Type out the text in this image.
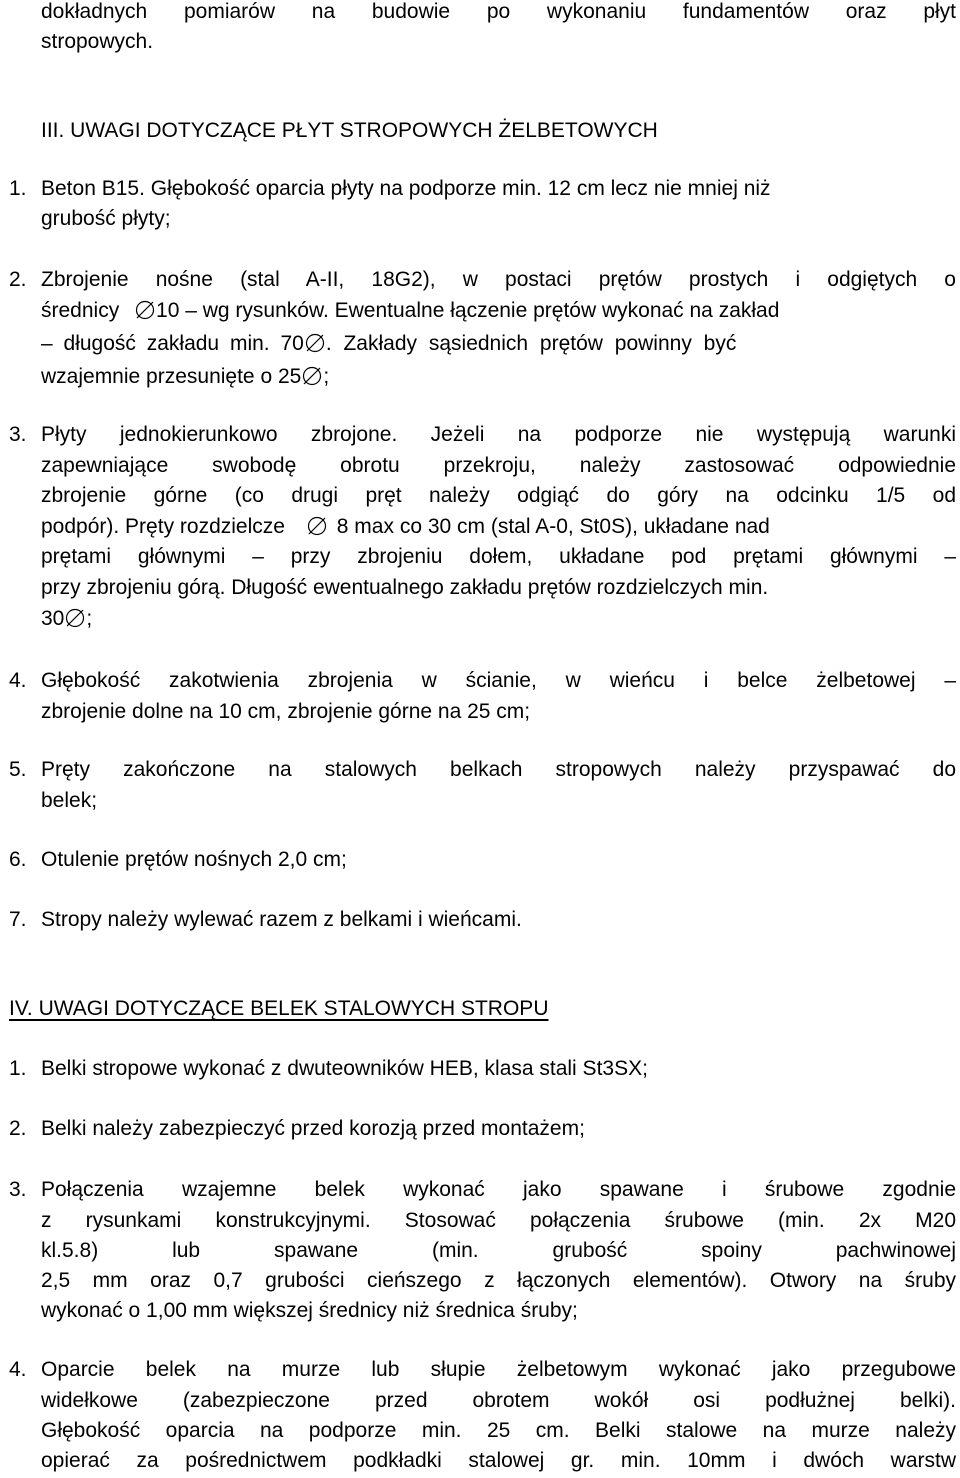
dokładnych pomiarów na budowie po wykonaniu fundamentów oraz płyt
stropowych.
III. UWAGI DOTYCZĄCE PŁYT STROPOWYCH ŻELBETOWYCH
1. Beton B15. Głębokość oparcia płyty na podporze min. 12 cm lecz nie mniej niż
grubość płyty;
2. Zbrojenie nośne (stal A-II, 18G2), w postaci prętów prostych i odgiętych o
średnicy 10 – wg rysunków. Ewentualne łączenie prętów wykonać na zakład
– długość zakładu min. 70 . Zakłady sąsiednich prętów powinny być
wzajemnie przesunięte o 25 ;
3. Płyty jednokierunkowo zbrojone. Jeżeli na podporze nie występują warunki
zapewniające swobodę obrotu przekroju, należy zastosować odpowiednie
zbrojenie górne (co drugi pręt należy odgiąć do góry na odcinku 1/5 od
podpór). Pręty rozdzielcze 8 max co 30 cm (stal A-0, St0S), układane nad
prętami głównymi – przy zbrojeniu dołem, układane pod prętami głównymi –
przy zbrojeniu górą. Długość ewentualnego zakładu prętów rozdzielczych min.
30 ;
4. Głębokość zakotwienia zbrojenia w ścianie, w wieńcu i belce żelbetowej –
zbrojenie dolne na 10 cm, zbrojenie górne na 25 cm;
5. Pręty zakończone na stalowych belkach stropowych należy przyspawać do
belek;
6. Otulenie prętów nośnych 2,0 cm;
7. Stropy należy wylewać razem z belkami i wieńcami.
IV. UWAGI DOTYCZĄCE BELEK STALOWYCH STROPU
1. Belki stropowe wykonać z dwuteowników HEB, klasa stali St3SX;
2. Belki należy zabezpieczyć przed korozją przed montażem;
3. Połączenia wzajemne belek wykonać jako spawane i śrubowe zgodnie
z rysunkami konstrukcyjnymi. Stosować połączenia śrubowe (min. 2x M20
kl.5.8) lub spawane (min. grubość spoiny pachwinowej
2,5 mm oraz 0,7 grubości cieńszego z łączonych elementów). Otwory na śruby
wykonać o 1,00 mm większej średnicy niż średnica śruby;
4. Oparcie belek na murze lub słupie żelbetowym wykonać jako przegubowe
widełkowe (zabezpieczone przed obrotem wokół osi podłużnej belki).
Głębokość oparcia na podporze min. 25 cm. Belki stalowe na murze należy
opierać za pośrednictwem podkładki stalowej gr. min. 10mm i dwóch warstw
